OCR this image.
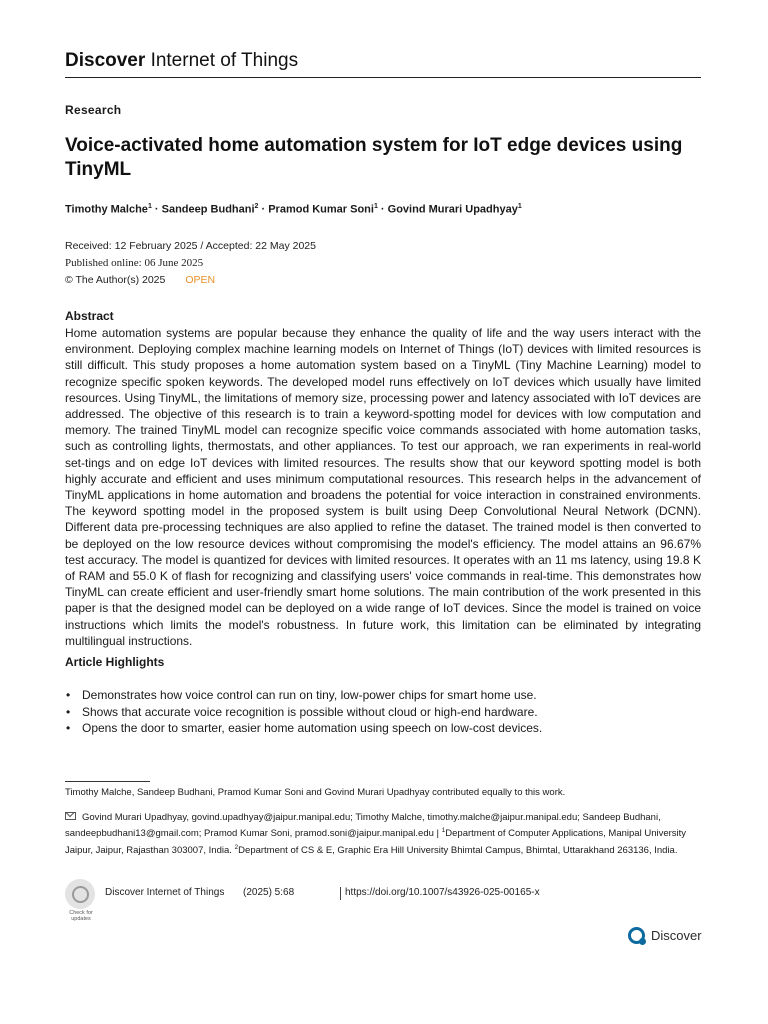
Discover Internet of Things
Research
Voice-activated home automation system for IoT edge devices using TinyML
Timothy Malche$^1$ · Sandeep Budhani$^2$ · Pramod Kumar Soni$^1$ · Govind Murari Upadhyay$^1$
Received: 12 February 2025 / Accepted: 22 May 2025
Published online: 06 June 2025
© The Author(s) 2025 OPEN
Abstract
Home automation systems are popular because they enhance the quality of life and the way users interact with the environment. Deploying complex machine learning models on Internet of Things (IoT) devices with limited resources is still difficult. This study proposes a home automation system based on a TinyML (Tiny Machine Learning) model to recognize specific spoken keywords. The developed model runs effectively on IoT devices which usually have limited resources. Using TinyML, the limitations of memory size, processing power and latency associated with IoT devices are addressed. The objective of this research is to train a keyword-spotting model for devices with low computation and memory. The trained TinyML model can recognize specific voice commands associated with home automation tasks, such as controlling lights, thermostats, and other appliances. To test our approach, we ran experiments in real-world set-tings and on edge IoT devices with limited resources. The results show that our keyword spotting model is both highly accurate and efficient and uses minimum computational resources. This research helps in the advancement of TinyML applications in home automation and broadens the potential for voice interaction in constrained environments. The keyword spotting model in the proposed system is built using Deep Convolutional Neural Network (DCNN). Different data pre-processing techniques are also applied to refine the dataset. The trained model is then converted to be deployed on the low resource devices without compromising the model's efficiency. The model attains an 96.67% test accuracy. The model is quantized for devices with limited resources. It operates with an 11 ms latency, using 19.8 K of RAM and 55.0 K of flash for recognizing and classifying users' voice commands in real-time. This demonstrates how TinyML can create efficient and user-friendly smart home solutions. The main contribution of the work presented in this paper is that the designed model can be deployed on a wide range of IoT devices. Since the model is trained on voice instructions which limits the model's robustness. In future work, this limitation can be eliminated by integrating multilingual instructions.
Article Highlights
• Demonstrates how voice control can run on tiny, low-power chips for smart home use.
• Shows that accurate voice recognition is possible without cloud or high-end hardware.
• Opens the door to smarter, easier home automation using speech on low-cost devices.
Timothy Malche, Sandeep Budhani, Pramod Kumar Soni and Govind Murari Upadhyay contributed equally to this work.
Govind Murari Upadhyay, govind.upadhyay@jaipur.manipal.edu; Timothy Malche, timothy.malche@jaipur.manipal.edu; Sandeep Budhani, sandeepbudhani13@gmail.com; Pramod Kumar Soni, pramod.soni@jaipur.manipal.edu | $^1$Department of Computer Applications, Manipal University Jaipur, Jaipur, Rajasthan 303007, India. $^2$Department of CS & E, Graphic Era Hill University Bhimtal Campus, Bhimtal, Uttarakhand 263136, India.
Check for updates
Discover Internet of Things (2025) 5:68	https://doi.org/10.1007/s43926-025-00165-x
Discover
